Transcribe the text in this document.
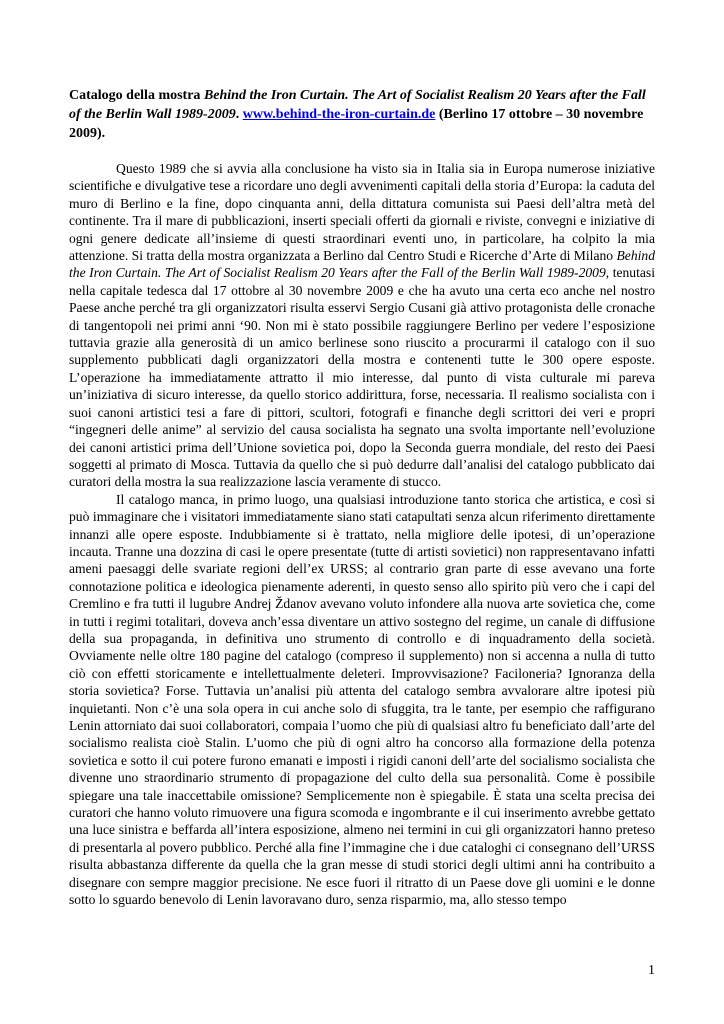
Catalogo della mostra Behind the Iron Curtain. The Art of Socialist Realism 20 Years after the Fall of the Berlin Wall 1989-2009. www.behind-the-iron-curtain.de (Berlino 17 ottobre – 30 novembre 2009).

Questo 1989 che si avvia alla conclusione ha visto sia in Italia sia in Europa numerose iniziative scientifiche e divulgative tese a ricordare uno degli avvenimenti capitali della storia d’Europa: la caduta del muro di Berlino e la fine, dopo cinquanta anni, della dittatura comunista sui Paesi dell’altra metà del continente. Tra il mare di pubblicazioni, inserti speciali offerti da giornali e riviste, convegni e iniziative di ogni genere dedicate all’insieme di questi straordinari eventi uno, in particolare, ha colpito la mia attenzione. Si tratta della mostra organizzata a Berlino dal Centro Studi e Ricerche d’Arte di Milano Behind the Iron Curtain. The Art of Socialist Realism 20 Years after the Fall of the Berlin Wall 1989-2009, tenutasi nella capitale tedesca dal 17 ottobre al 30 novembre 2009 e che ha avuto una certa eco anche nel nostro Paese anche perché tra gli organizzatori risulta esservi Sergio Cusani già attivo protagonista delle cronache di tangentopoli nei primi anni ‘90. Non mi è stato possibile raggiungere Berlino per vedere l’esposizione tuttavia grazie alla generosità di un amico berlinese sono riuscito a procurarmi il catalogo con il suo supplemento pubblicati dagli organizzatori della mostra e contenenti tutte le 300 opere esposte. L’operazione ha immediatamente attratto il mio interesse, dal punto di vista culturale mi pareva un’iniziativa di sicuro interesse, da quello storico addirittura, forse, necessaria. Il realismo socialista con i suoi canoni artistici tesi a fare di pittori, scultori, fotografi e finanche degli scrittori dei veri e propri “ingegneri delle anime” al servizio del causa socialista ha segnato una svolta importante nell’evoluzione dei canoni artistici prima dell’Unione sovietica poi, dopo la Seconda guerra mondiale, del resto dei Paesi soggetti al primato di Mosca. Tuttavia da quello che si può dedurre dall’analisi del catalogo pubblicato dai curatori della mostra la sua realizzazione lascia veramente di stucco.

Il catalogo manca, in primo luogo, una qualsiasi introduzione tanto storica che artistica, e così si può immaginare che i visitatori immediatamente siano stati catapultati senza alcun riferimento direttamente innanzi alle opere esposte. Indubbiamente si è trattato, nella migliore delle ipotesi, di un’operazione incauta. Tranne una dozzina di casi le opere presentate (tutte di artisti sovietici) non rappresentavano infatti ameni paesaggi delle svariate regioni dell’ex URSS; al contrario gran parte di esse avevano una forte connotazione politica e ideologica pienamente aderenti, in questo senso allo spirito più vero che i capi del Cremlino e fra tutti il lugubre Andrej Ždanov avevano voluto infondere alla nuova arte sovietica che, come in tutti i regimi totalitari, doveva anch’essa diventare un attivo sostegno del regime, un canale di diffusione della sua propaganda, in definitiva uno strumento di controllo e di inquadramento della società. Ovviamente nelle oltre 180 pagine del catalogo (compreso il supplemento) non si accenna a nulla di tutto ciò con effetti storicamente e intellettualmente deleteri. Improvvisazione? Faciloneria? Ignoranza della storia sovietica? Forse. Tuttavia un’analisi più attenta del catalogo sembra avvalorare altre ipotesi più inquietanti. Non c’è una sola opera in cui anche solo di sfuggita, tra le tante, per esempio che raffigurano Lenin attorniato dai suoi collaboratori, compaia l’uomo che più di qualsiasi altro fu beneficiato dall’arte del socialismo realista cioè Stalin. L’uomo che più di ogni altro ha concorso alla formazione della potenza sovietica e sotto il cui potere furono emanati e imposti i rigidi canoni dell’arte del socialismo socialista che divenne uno straordinario strumento di propagazione del culto della sua personalità. Come è possibile spiegare una tale inaccettabile omissione? Semplicemente non è spiegabile. È stata una scelta precisa dei curatori che hanno voluto rimuovere una figura scomoda e ingombrante e il cui inserimento avrebbe gettato una luce sinistra e beffarda all’intera esposizione, almeno nei termini in cui gli organizzatori hanno preteso di presentarla al povero pubblico. Perché alla fine l’immagine che i due cataloghi ci consegnano dell’URSS risulta abbastanza differente da quella che la gran messe di studi storici degli ultimi anni ha contribuito a disegnare con sempre maggior precisione. Ne esce fuori il ritratto di un Paese dove gli uomini e le donne sotto lo sguardo benevolo di Lenin lavoravano duro, senza risparmio, ma, allo stesso tempo

1
